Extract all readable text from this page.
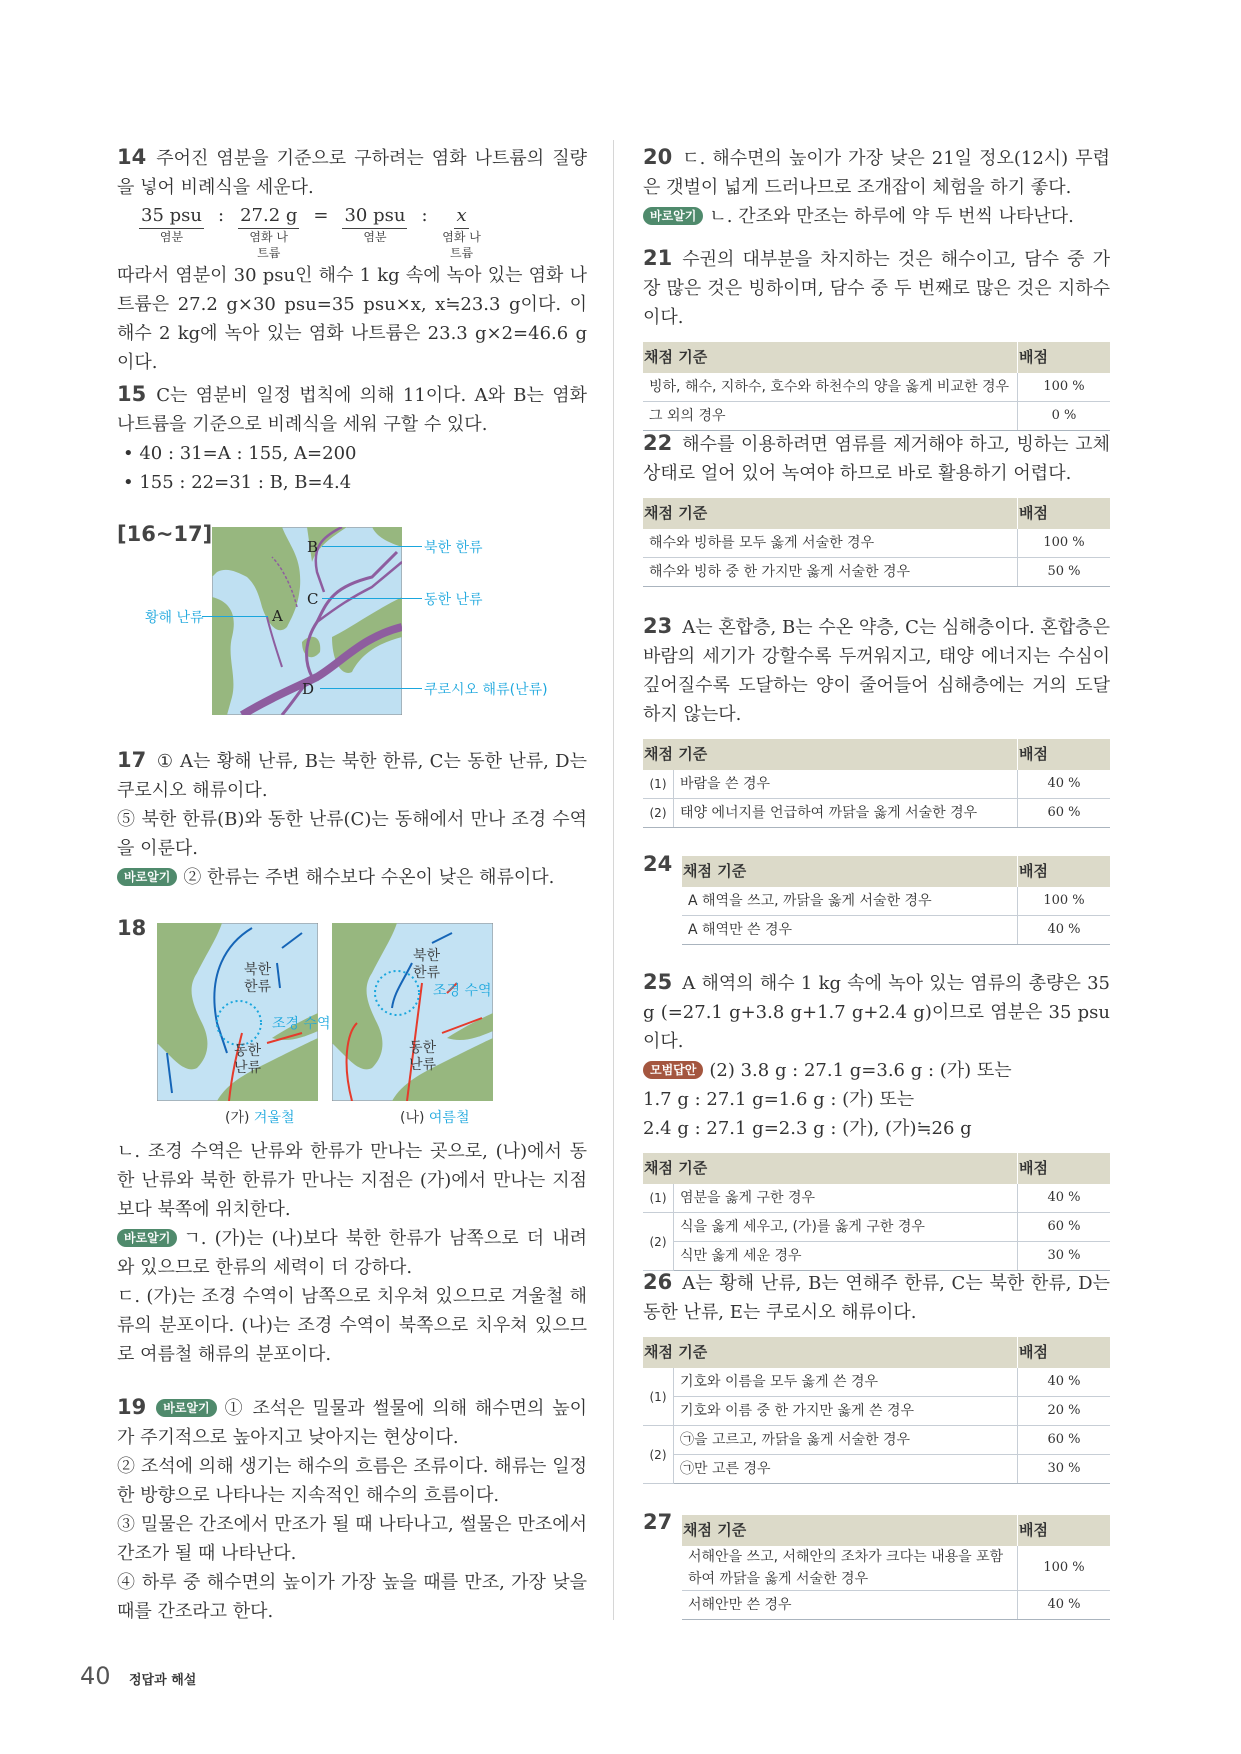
14 주어진 염분을 기준으로 구하려는 염화 나트륨의 질량을 넣어 비례식을 세운다.

35 psu
염분
: 27.2 g
염화 나트륨
= 30 psu
염분
: x
염화 나트륨

따라서 염분이 30 psu인 해수 1 kg 속에 녹아 있는 염화 나트륨은 27.2 g×30 psu=35 psu×x, x≒23.3 g이다. 이 해수 2 kg에 녹아 있는 염화 나트륨은 23.3 g×2=46.6 g이다.

15 C는 염분비 일정 법칙에 의해 11이다. A와 B는 염화 나트륨을 기준으로 비례식을 세워 구할 수 있다.

• 40 : 31=A : 155, A=200

• 155 : 22=31 : B, B=4.4

[16~17]
B
C
A
D
북한 한류
동한 난류
황해 난류
쿠로시오 해류(난류)

17 ① A는 황해 난류, B는 북한 한류, C는 동한 난류, D는 쿠로시오 해류이다.

⑤ 북한 한류(B)와 동한 난류(C)는 동해에서 만나 조경 수역을 이룬다.

바로알기 ② 한류는 주변 해수보다 수온이 낮은 해류이다.

18
북한
한류
동한
난류
조경 수역
북한
한류
동한
난류
조경 수역
(가) 겨울철	(나) 여름철

ㄴ. 조경 수역은 난류와 한류가 만나는 곳으로, (나)에서 동한 난류와 북한 한류가 만나는 지점은 (가)에서 만나는 지점보다 북쪽에 위치한다.

바로알기 ㄱ. (가)는 (나)보다 북한 한류가 남쪽으로 더 내려와 있으므로 한류의 세력이 더 강하다.

ㄷ. (가)는 조경 수역이 남쪽으로 치우쳐 있으므로 겨울철 해류의 분포이다. (나)는 조경 수역이 북쪽으로 치우쳐 있으므로 여름철 해류의 분포이다.

19 바로알기 ① 조석은 밀물과 썰물에 의해 해수면의 높이가 주기적으로 높아지고 낮아지는 현상이다.

② 조석에 의해 생기는 해수의 흐름은 조류이다. 해류는 일정한 방향으로 나타나는 지속적인 해수의 흐름이다.

③ 밀물은 간조에서 만조가 될 때 나타나고, 썰물은 만조에서 간조가 될 때 나타난다.

④ 하루 중 해수면의 높이가 가장 높을 때를 만조, 가장 낮을 때를 간조라고 한다.

20 ㄷ. 해수면의 높이가 가장 낮은 21일 정오(12시) 무렵은 갯벌이 넓게 드러나므로 조개잡이 체험을 하기 좋다.

바로알기 ㄴ. 간조와 만조는 하루에 약 두 번씩 나타난다.

21 수권의 대부분을 차지하는 것은 해수이고, 담수 중 가장 많은 것은 빙하이며, 담수 중 두 번째로 많은 것은 지하수이다.

채점 기준	배점
빙하, 해수, 지하수, 호수와 하천수의 양을 옳게 비교한 경우	100 %
그 외의 경우	0 %

22 해수를 이용하려면 염류를 제거해야 하고, 빙하는 고체 상태로 얼어 있어 녹여야 하므로 바로 활용하기 어렵다.

채점 기준	배점
해수와 빙하를 모두 옳게 서술한 경우	100 %
해수와 빙하 중 한 가지만 옳게 서술한 경우	50 %

23 A는 혼합층, B는 수온 약층, C는 심해층이다. 혼합층은 바람의 세기가 강할수록 두꺼워지고, 태양 에너지는 수심이 깊어질수록 도달하는 양이 줄어들어 심해층에는 거의 도달하지 않는다.

채점 기준		배점
(1)	바람을 쓴 경우	40 %
(2)	태양 에너지를 언급하여 까닭을 옳게 서술한 경우	60 %
24 채점 기준	배점
A 해역을 쓰고, 까닭을 옳게 서술한 경우	100 %
A 해역만 쓴 경우	40 %

25 A 해역의 해수 1 kg 속에 녹아 있는 염류의 총량은 35 g (=27.1 g+3.8 g+1.7 g+2.4 g)이므로 염분은 35 psu이다.

모범답안 (2) 3.8 g : 27.1 g=3.6 g : (가) 또는

1.7 g : 27.1 g=1.6 g : (가) 또는

2.4 g : 27.1 g=2.3 g : (가), (가)≒26 g

채점 기준		배점
(1)	염분을 옳게 구한 경우	40 %
(2)	식을 옳게 세우고, (가)를 옳게 구한 경우	60 %
	식만 옳게 세운 경우	30 %

26 A는 황해 난류, B는 연해주 한류, C는 북한 한류, D는 동한 난류, E는 쿠로시오 해류이다.

채점 기준		배점
(1)	기호와 이름을 모두 옳게 쓴 경우	40 %
	기호와 이름 중 한 가지만 옳게 쓴 경우	20 %
(2)	㉠을 고르고, 까닭을 옳게 서술한 경우	60 %
	㉠만 고른 경우	30 %
27 채점 기준	배점
서해안을 쓰고, 서해안의 조차가 크다는 내용을 포함하여 까닭을 옳게 서술한 경우	100 %
서해안만 쓴 경우	40 %
40 정답과 해설
